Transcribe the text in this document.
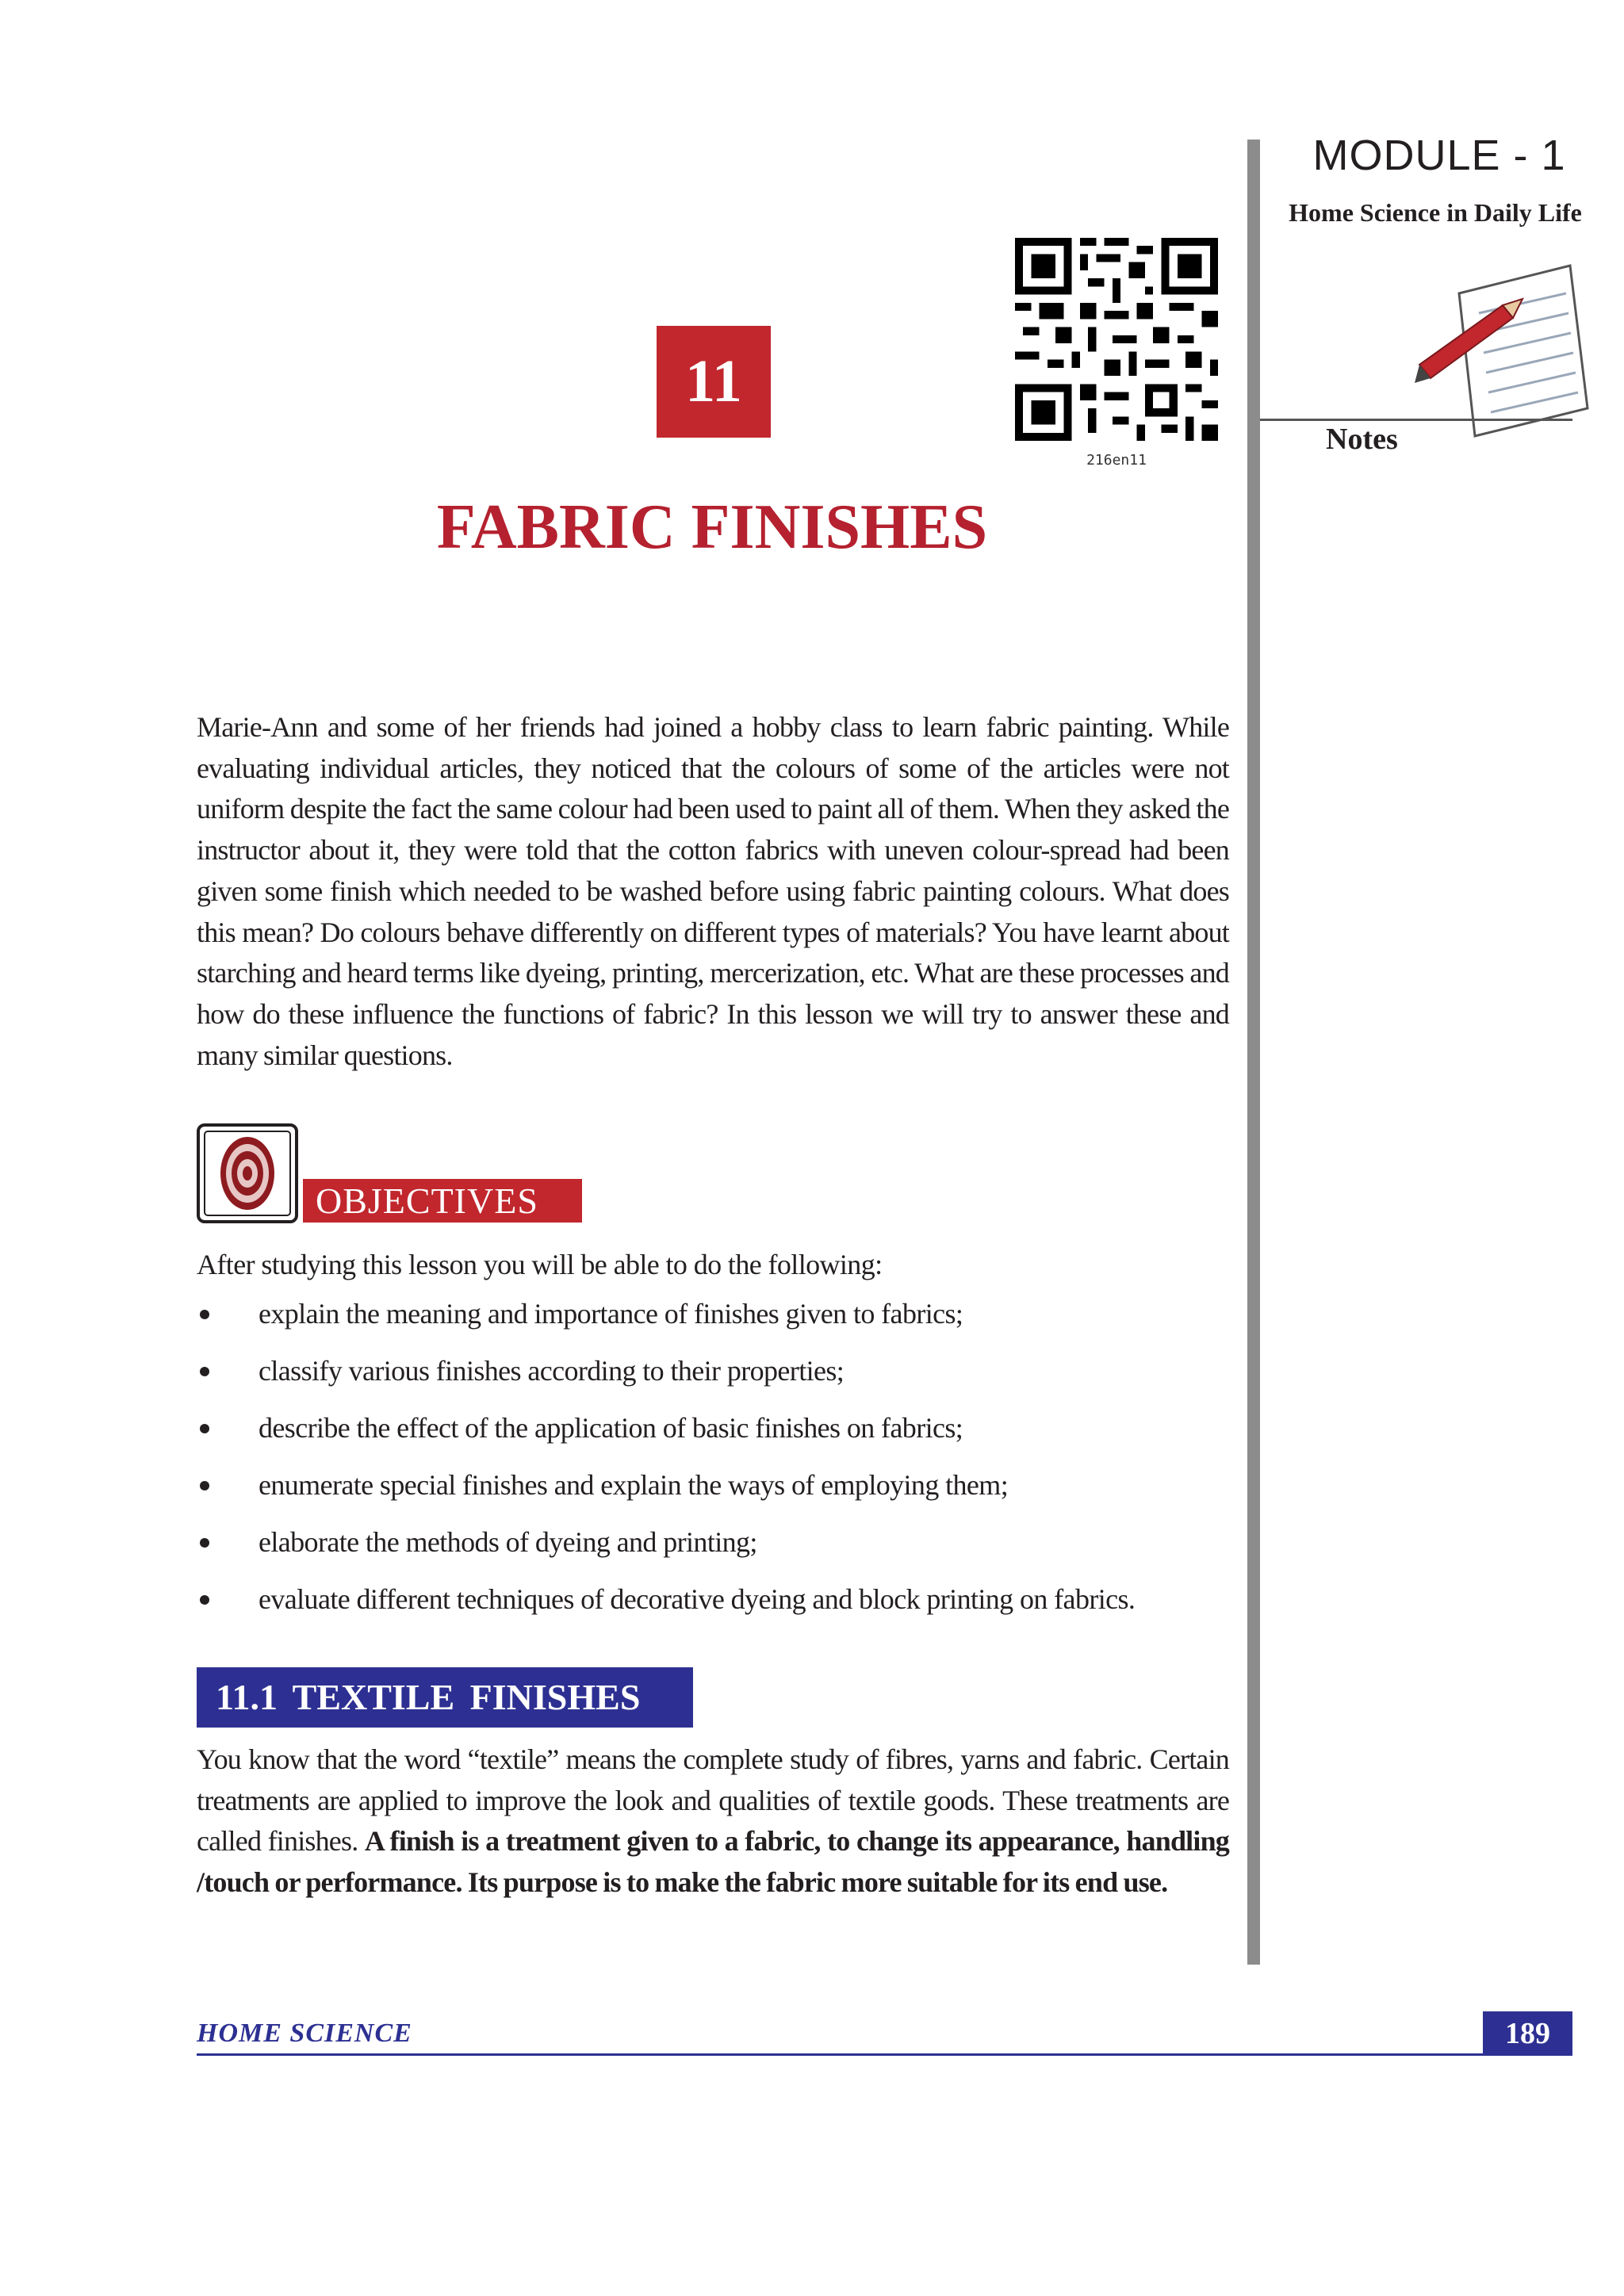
MODULE - 1
Home Science in Daily Life
Notes
11
216en11
FABRIC FINISHES

Marie-Ann and some of her friends had joined a hobby class to learn fabric painting. While evaluating individual articles, they noticed that the colours of some of the articles were not uniform despite the fact the same colour had been used to paint all of them. When they asked the instructor about it, they were told that the cotton fabrics with uneven colour-spread had been given some finish which needed to be washed before using fabric painting colours. What does this mean? Do colours behave differently on different types of materials? You have learnt about starching and heard terms like dyeing, printing, mercerization, etc. What are these processes and how do these influence the functions of fabric? In this lesson we will try to answer these and many similar questions.

OBJECTIVES
After studying this lesson you will be able to do the following:
explain the meaning and importance of finishes given to fabrics;
classify various finishes according to their properties;
describe the effect of the application of basic finishes on fabrics;
enumerate special finishes and explain the ways of employing them;
elaborate the methods of dyeing and printing;
evaluate different techniques of decorative dyeing and block printing on fabrics.
11.1 TEXTILE FINISHES

You know that the word “textile” means the complete study of fibres, yarns and fabric. Certain treatments are applied to improve the look and qualities of textile goods. These treatments are called finishes. A finish is a treatment given to a fabric, to change its appearance, handling /touch or performance. Its purpose is to make the fabric more suitable for its end use.

HOME SCIENCE	189
